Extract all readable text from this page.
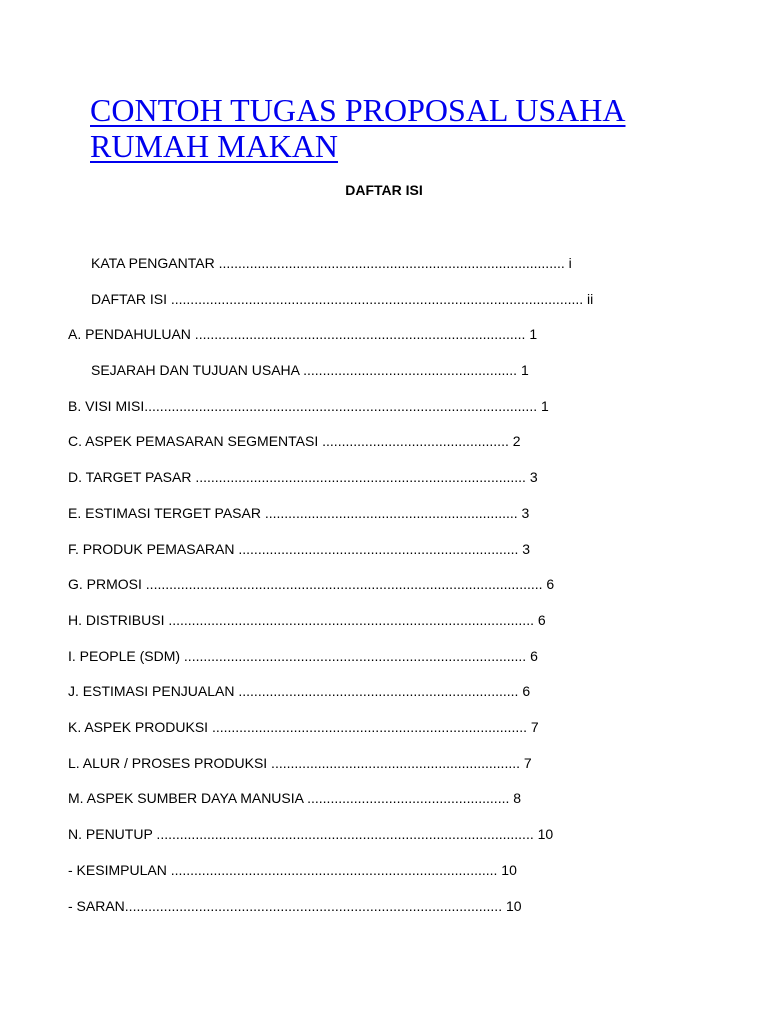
CONTOH TUGAS PROPOSAL USAHA RUMAH MAKAN
DAFTAR ISI
KATA PENGANTAR ......................................................................................... i
DAFTAR ISI .......................................................................................................... ii
A. PENDAHULUAN ..................................................................................... 1
SEJARAH DAN TUJUAN USAHA ....................................................... 1
B. VISI MISI..................................................................................................... 1
C. ASPEK PEMASARAN SEGMENTASI ................................................ 2
D. TARGET PASAR ..................................................................................... 3
E. ESTIMASI TERGET PASAR ................................................................. 3
F. PRODUK PEMASARAN ........................................................................ 3
G. PRMOSI ...................................................................................................... 6
H. DISTRIBUSI .............................................................................................. 6
I. PEOPLE (SDM) ........................................................................................ 6
J. ESTIMASI PENJUALAN ........................................................................ 6
K. ASPEK PRODUKSI ................................................................................. 7
L. ALUR / PROSES PRODUKSI ................................................................ 7
M. ASPEK SUMBER DAYA MANUSIA .................................................... 8
N. PENUTUP ................................................................................................. 10
- KESIMPULAN .................................................................................... 10
- SARAN................................................................................................. 10
